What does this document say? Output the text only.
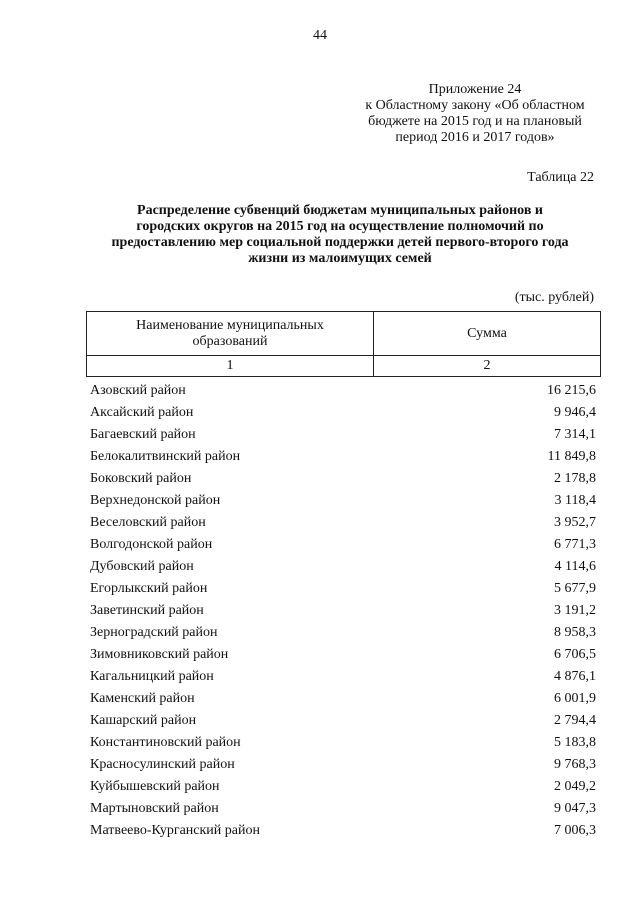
44
Приложение 24
к Областному закону «Об областном
бюджете на 2015 год и на плановый
период 2016 и 2017 годов»
Таблица 22
Распределение субвенций бюджетам муниципальных районов и
городских округов на 2015 год на осуществление полномочий по
предоставлению мер социальной поддержки детей первого-второго года
жизни из малоимущих семей
(тыс. рублей)
Наименование муниципальных
образований	Сумма
1	2
Азовский район	16 215,6
Аксайский район	9 946,4
Багаевский район	7 314,1
Белокалитвинский район	11 849,8
Боковский район	2 178,8
Верхнедонской район	3 118,4
Веселовский район	3 952,7
Волгодонской район	6 771,3
Дубовский район	4 114,6
Егорлыкский район	5 677,9
Заветинский район	3 191,2
Зерноградский район	8 958,3
Зимовниковский район	6 706,5
Кагальницкий район	4 876,1
Каменский район	6 001,9
Кашарский район	2 794,4
Константиновский район	5 183,8
Красносулинский район	9 768,3
Куйбышевский район	2 049,2
Мартыновский район	9 047,3
Матвеево-Курганский район	7 006,3
